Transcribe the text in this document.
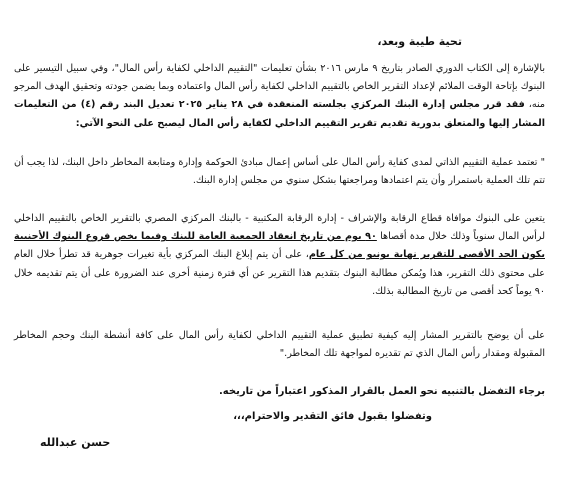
تحية طيبة وبعد،
بالإشارة إلى الكتاب الدوري الصادر بتاريخ ٩ مارس ٢٠١٦ بشأن تعليمات "التقييم الداخلي لكفاية رأس المال"، وفي سبيل التيسير على البنوك بإتاحة الوقت الملائم لإعداد التقرير الخاص بالتقييم الداخلي لكفاية رأس المال واعتماده وبما يضمن جودته وتحقيق الهدف المرجو منه، فقد قرر مجلس إدارة البنك المركزي بجلسته المنعقدة في ٢٨ يناير ٢٠٢٥ تعديل البند رقم (٤) من التعليمات المشار إليها والمتعلق بدورية تقديم تقرير التقييم الداخلي لكفاية رأس المال ليصبح على النحو الآتي:
" تعتمد عملية التقييم الذاتي لمدى كفاية رأس المال على أساس إعمال مبادئ الحوكمة وإدارة ومتابعة المخاطر داخل البنك، لذا يجب أن تتم تلك العملية باستمرار وأن يتم اعتمادها ومراجعتها بشكل سنوي من مجلس إدارة البنك.
يتعين على البنوك موافاة قطاع الرقابة والإشراف - إدارة الرقابة المكتبية - بالبنك المركزي المصري بالتقرير الخاص بالتقييم الداخلي لرأس المال سنوياً وذلك خلال مدة أقصاها ٩٠ يوم من تاريخ انعقاد الجمعية العامة للبنك وفيما يخص فروع البنوك الأجنبية يكون الحد الأقصى للتقرير نهاية يونيو من كل عام، على أن يتم إبلاغ البنك المركزي بأية تغيرات جوهرية قد تطرأ خلال العام على محتوى ذلك التقرير، هذا ويُمكن مطالبة البنوك بتقديم هذا التقرير عن أي فترة زمنية أخرى عند الضرورة على أن يتم تقديمه خلال ٩٠ يوماً كحد أقصى من تاريخ المطالبة بذلك.
على أن يوضح بالتقرير المشار إليه كيفية تطبيق عملية التقييم الداخلي لكفاية رأس المال على كافة أنشطة البنك وحجم المخاطر المقبولة ومقدار رأس المال الذي تم تقديره لمواجهة تلك المخاطر."
برجاء التفضل بالتنبيه نحو العمل بالقرار المذكور اعتباراً من تاريخه.
وتفضلوا بقبول فائق التقدير والاحترام،،،
حسن عبدالله
